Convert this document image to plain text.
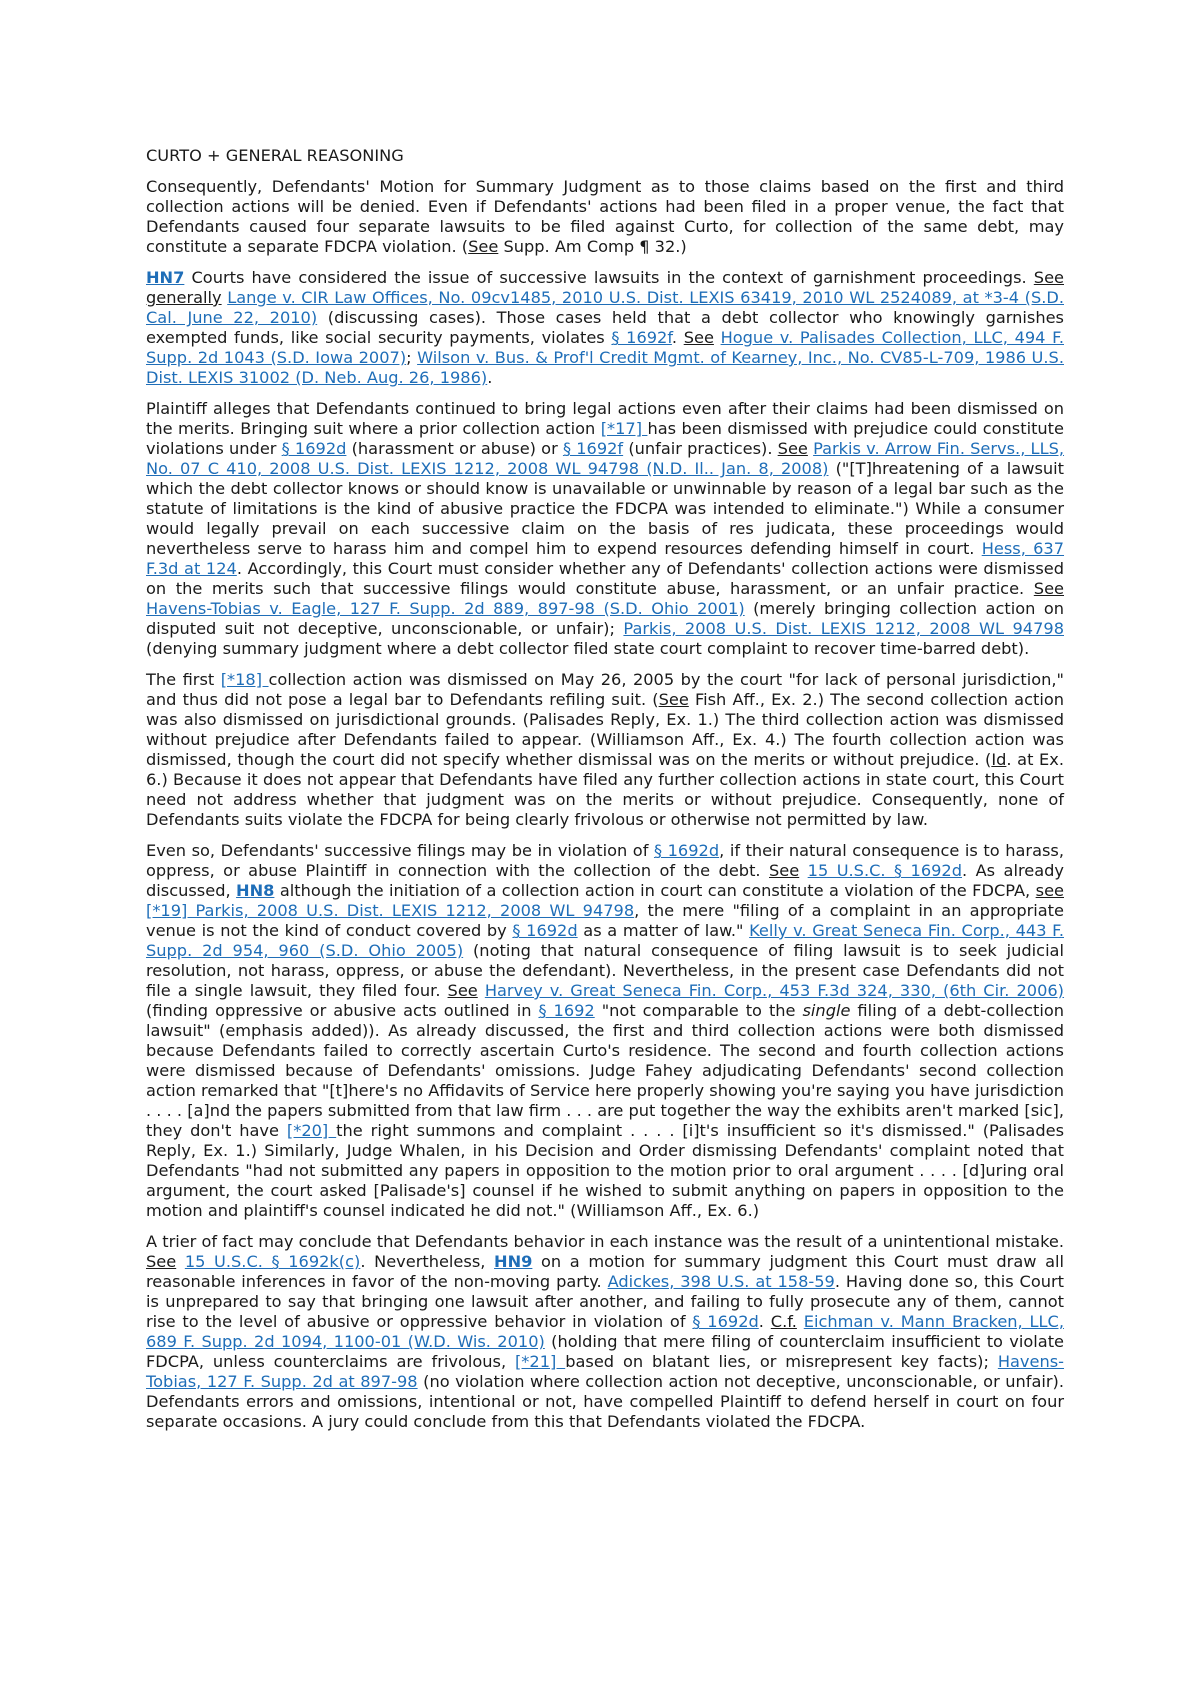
CURTO + GENERAL REASONING

Consequently, Defendants' Motion for Summary Judgment as to those claims based on the first and third collection actions will be denied. Even if Defendants' actions had been filed in a proper venue, the fact that Defendants caused four separate lawsuits to be filed against Curto, for collection of the same debt, may constitute a separate FDCPA violation. (See Supp. Am Comp ¶ 32.)

HN7 Courts have considered the issue of successive lawsuits in the context of garnishment proceedings. See generally Lange v. CIR Law Offices, No. 09cv1485, 2010 U.S. Dist. LEXIS 63419, 2010 WL 2524089, at *3-4 (S.D. Cal. June 22, 2010) (discussing cases). Those cases held that a debt collector who knowingly garnishes exempted funds, like social security payments, violates § 1692f. See Hogue v. Palisades Collection, LLC, 494 F. Supp. 2d 1043 (S.D. Iowa 2007); Wilson v. Bus. & Prof'l Credit Mgmt. of Kearney, Inc., No. CV85-L-709, 1986 U.S. Dist. LEXIS 31002 (D. Neb. Aug. 26, 1986).

Plaintiff alleges that Defendants continued to bring legal actions even after their claims had been dismissed on the merits. Bringing suit where a prior collection action [*17] has been dismissed with prejudice could constitute violations under § 1692d (harassment or abuse) or § 1692f (unfair practices). See Parkis v. Arrow Fin. Servs., LLS, No. 07 C 410, 2008 U.S. Dist. LEXIS 1212, 2008 WL 94798 (N.D. Il.. Jan. 8, 2008) ("[T]hreatening of a lawsuit which the debt collector knows or should know is unavailable or unwinnable by reason of a legal bar such as the statute of limitations is the kind of abusive practice the FDCPA was intended to eliminate.") While a consumer would legally prevail on each successive claim on the basis of res judicata, these proceedings would nevertheless serve to harass him and compel him to expend resources defending himself in court. Hess, 637 F.3d at 124. Accordingly, this Court must consider whether any of Defendants' collection actions were dismissed on the merits such that successive filings would constitute abuse, harassment, or an unfair practice. See Havens-Tobias v. Eagle, 127 F. Supp. 2d 889, 897-98 (S.D. Ohio 2001) (merely bringing collection action on disputed suit not deceptive, unconscionable, or unfair); Parkis, 2008 U.S. Dist. LEXIS 1212, 2008 WL 94798 (denying summary judgment where a debt collector filed state court complaint to recover time-barred debt).

The first [*18] collection action was dismissed on May 26, 2005 by the court "for lack of personal jurisdiction," and thus did not pose a legal bar to Defendants refiling suit. (See Fish Aff., Ex. 2.) The second collection action was also dismissed on jurisdictional grounds. (Palisades Reply, Ex. 1.) The third collection action was dismissed without prejudice after Defendants failed to appear. (Williamson Aff., Ex. 4.) The fourth collection action was dismissed, though the court did not specify whether dismissal was on the merits or without prejudice. (Id. at Ex. 6.) Because it does not appear that Defendants have filed any further collection actions in state court, this Court need not address whether that judgment was on the merits or without prejudice. Consequently, none of Defendants suits violate the FDCPA for being clearly frivolous or otherwise not permitted by law.

Even so, Defendants' successive filings may be in violation of § 1692d, if their natural consequence is to harass, oppress, or abuse Plaintiff in connection with the collection of the debt. See 15 U.S.C. § 1692d. As already discussed, HN8 although the initiation of a collection action in court can constitute a violation of the FDCPA, see [*19] Parkis, 2008 U.S. Dist. LEXIS 1212, 2008 WL 94798, the mere "filing of a complaint in an appropriate venue is not the kind of conduct covered by § 1692d as a matter of law." Kelly v. Great Seneca Fin. Corp., 443 F. Supp. 2d 954, 960 (S.D. Ohio 2005) (noting that natural consequence of filing lawsuit is to seek judicial resolution, not harass, oppress, or abuse the defendant). Nevertheless, in the present case Defendants did not file a single lawsuit, they filed four. See Harvey v. Great Seneca Fin. Corp., 453 F.3d 324, 330, (6th Cir. 2006) (finding oppressive or abusive acts outlined in § 1692 "not comparable to the single filing of a debt-collection lawsuit" (emphasis added)). As already discussed, the first and third collection actions were both dismissed because Defendants failed to correctly ascertain Curto's residence. The second and fourth collection actions were dismissed because of Defendants' omissions. Judge Fahey adjudicating Defendants' second collection action remarked that "[t]here's no Affidavits of Service here properly showing you're saying you have jurisdiction . . . . [a]nd the papers submitted from that law firm . . . are put together the way the exhibits aren't marked [sic], they don't have [*20] the right summons and complaint . . . . [i]t's insufficient so it's dismissed." (Palisades Reply, Ex. 1.) Similarly, Judge Whalen, in his Decision and Order dismissing Defendants' complaint noted that Defendants "had not submitted any papers in opposition to the motion prior to oral argument . . . . [d]uring oral argument, the court asked [Palisade's] counsel if he wished to submit anything on papers in opposition to the motion and plaintiff's counsel indicated he did not." (Williamson Aff., Ex. 6.)

A trier of fact may conclude that Defendants behavior in each instance was the result of a unintentional mistake. See 15 U.S.C. § 1692k(c). Nevertheless, HN9 on a motion for summary judgment this Court must draw all reasonable inferences in favor of the non-moving party. Adickes, 398 U.S. at 158-59. Having done so, this Court is unprepared to say that bringing one lawsuit after another, and failing to fully prosecute any of them, cannot rise to the level of abusive or oppressive behavior in violation of § 1692d. C.f. Eichman v. Mann Bracken, LLC, 689 F. Supp. 2d 1094, 1100-01 (W.D. Wis. 2010) (holding that mere filing of counterclaim insufficient to violate FDCPA, unless counterclaims are frivolous, [*21] based on blatant lies, or misrepresent key facts); Havens-Tobias, 127 F. Supp. 2d at 897-98 (no violation where collection action not deceptive, unconscionable, or unfair). Defendants errors and omissions, intentional or not, have compelled Plaintiff to defend herself in court on four separate occasions. A jury could conclude from this that Defendants violated the FDCPA.
